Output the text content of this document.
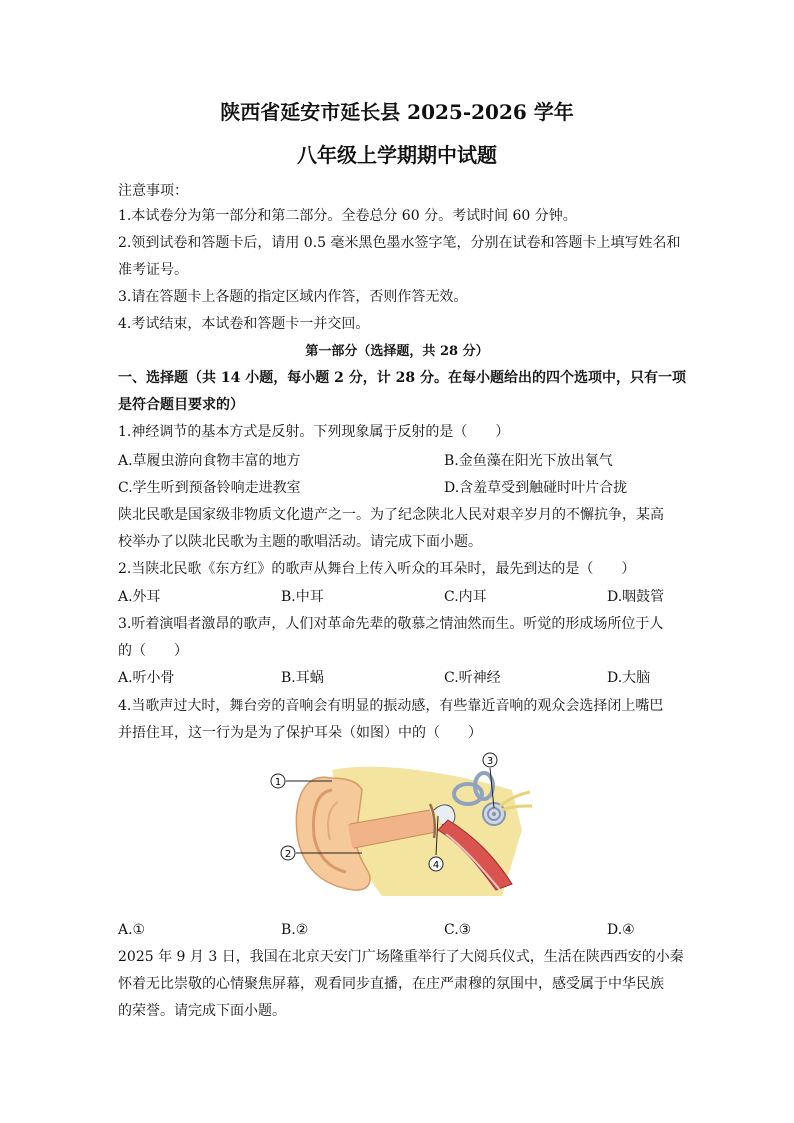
陕西省延安市延长县 2025-2026 学年
八年级上学期期中试题
注意事项：
1.本试卷分为第一部分和第二部分。全卷总分 60 分。考试时间 60 分钟。
2.领到试卷和答题卡后，请用 0.5 毫米黑色墨水签字笔，分别在试卷和答题卡上填写姓名和
准考证号。
3.请在答题卡上各题的指定区域内作答，否则作答无效。
4.考试结束，本试卷和答题卡一并交回。
第一部分（选择题，共 28 分）
一、选择题（共 14 小题，每小题 2 分，计 28 分。在每小题给出的四个选项中，只有一项
是符合题目要求的）
1.神经调节的基本方式是反射。下列现象属于反射的是（　　）
A.草履虫游向食物丰富的地方	B.金鱼藻在阳光下放出氧气
C.学生听到预备铃响走进教室	D.含羞草受到触碰时叶片合拢
陕北民歌是国家级非物质文化遗产之一。为了纪念陕北人民对艰辛岁月的不懈抗争，某高
校举办了以陕北民歌为主题的歌唱活动。请完成下面小题。
2.当陕北民歌《东方红》的歌声从舞台上传入听众的耳朵时，最先到达的是（　　）
A.外耳	B.中耳	C.内耳	D.咽鼓管
3.听着演唱者激昂的歌声，人们对革命先辈的敬慕之情油然而生。听觉的形成场所位于人
的（　　）
A.听小骨	B.耳蜗	C.听神经	D.大脑
4.当歌声过大时，舞台旁的音响会有明显的振动感，有些靠近音响的观众会选择闭上嘴巴
并捂住耳，这一行为是为了保护耳朵（如图）中的（　　）
1
2
3
4
A.①	B.②	C.③	D.④
2025 年 9 月 3 日，我国在北京天安门广场隆重举行了大阅兵仪式，生活在陕西西安的小秦
怀着无比崇敬的心情聚焦屏幕，观看同步直播，在庄严肃穆的氛围中，感受属于中华民族
的荣誉。请完成下面小题。
